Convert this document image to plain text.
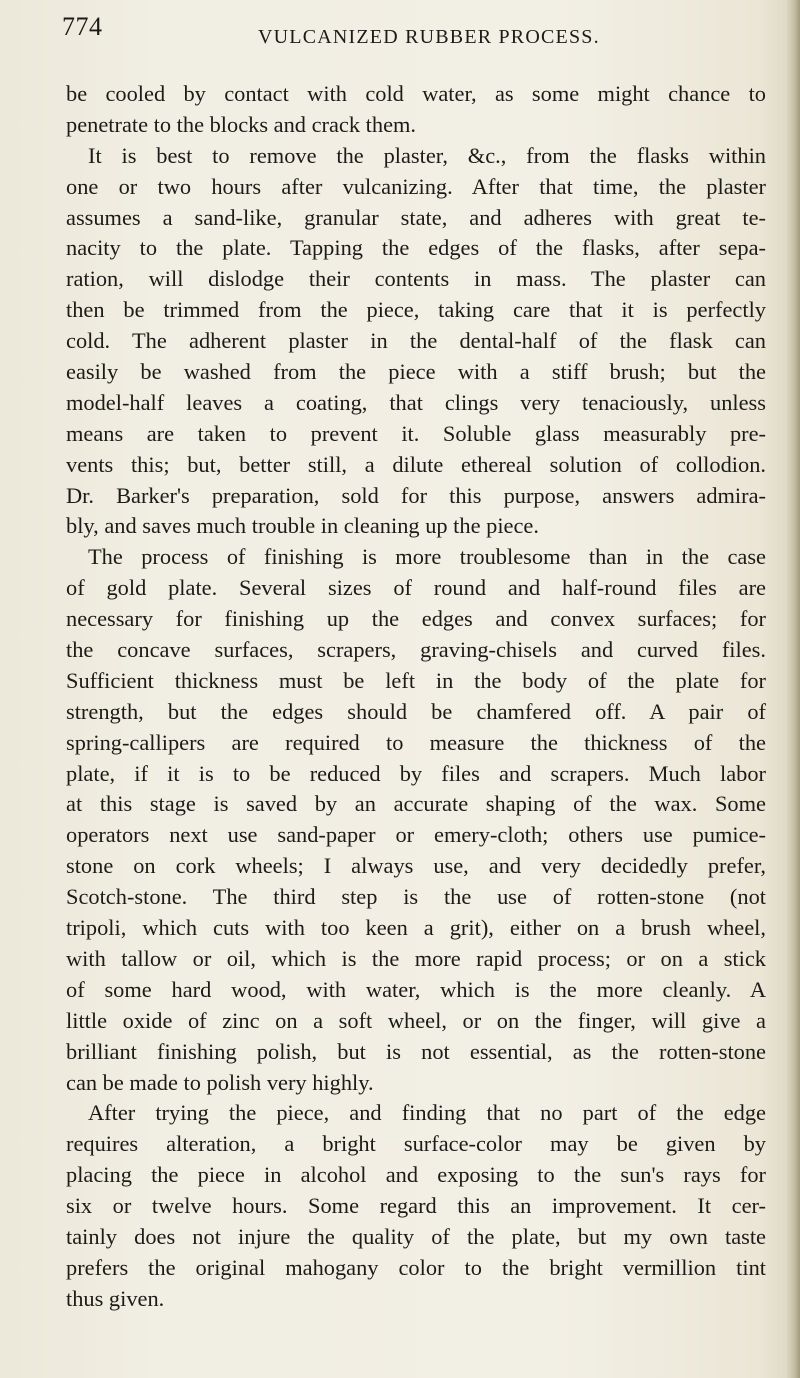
774	VULCANIZED RUBBER PROCESS.
be cooled by contact with cold water, as some might chance to
penetrate to the blocks and crack them.
It is best to remove the plaster, &c., from the flasks within
one or two hours after vulcanizing. After that time, the plaster
assumes a sand-like, granular state, and adheres with great te-
nacity to the plate. Tapping the edges of the flasks, after sepa-
ration, will dislodge their contents in mass. The plaster can
then be trimmed from the piece, taking care that it is perfectly
cold. The adherent plaster in the dental-half of the flask can
easily be washed from the piece with a stiff brush; but the
model-half leaves a coating, that clings very tenaciously, unless
means are taken to prevent it. Soluble glass measurably pre-
vents this; but, better still, a dilute ethereal solution of collodion.
Dr. Barker's preparation, sold for this purpose, answers admira-
bly, and saves much trouble in cleaning up the piece.
The process of finishing is more troublesome than in the case
of gold plate. Several sizes of round and half-round files are
necessary for finishing up the edges and convex surfaces; for
the concave surfaces, scrapers, graving-chisels and curved files.
Sufficient thickness must be left in the body of the plate for
strength, but the edges should be chamfered off. A pair of
spring-callipers are required to measure the thickness of the
plate, if it is to be reduced by files and scrapers. Much labor
at this stage is saved by an accurate shaping of the wax. Some
operators next use sand-paper or emery-cloth; others use pumice-
stone on cork wheels; I always use, and very decidedly prefer,
Scotch-stone. The third step is the use of rotten-stone (not
tripoli, which cuts with too keen a grit), either on a brush wheel,
with tallow or oil, which is the more rapid process; or on a stick
of some hard wood, with water, which is the more cleanly. A
little oxide of zinc on a soft wheel, or on the finger, will give a
brilliant finishing polish, but is not essential, as the rotten-stone
can be made to polish very highly.
After trying the piece, and finding that no part of the edge
requires alteration, a bright surface-color may be given by
placing the piece in alcohol and exposing to the sun's rays for
six or twelve hours. Some regard this an improvement. It cer-
tainly does not injure the quality of the plate, but my own taste
prefers the original mahogany color to the bright vermillion tint
thus given.
